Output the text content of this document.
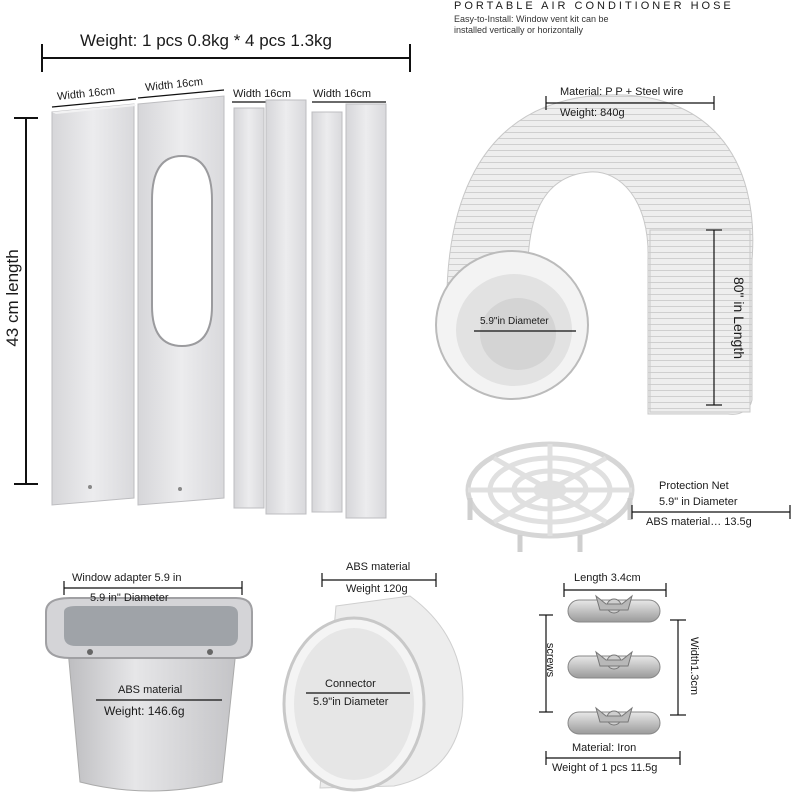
PORTABLE AIR CONDITIONER HOSE
Easy-to-Install: Window vent kit can be
installed vertically or horizontally
Weight: 1 pcs 0.8kg * 4 pcs 1.3kg
43 cm length
Width 16cm	Width 16cm	Width 16cm Width 16cm	Material: P P + Steel wire
Weight: 840g
5.9"in Diameter	80" in Length
Protection Net
5.9" in Diameter
ABS material… 13.5g
Window adapter 5.9 in
5.9 in" Diameter
ABS material
Weight: 146.6g
ABS material
Weight 120g
Connector
5.9"in Diameter
Length 3.4cm
screws	Width1.3cm
Material: Iron
Weight of 1 pcs 11.5g
